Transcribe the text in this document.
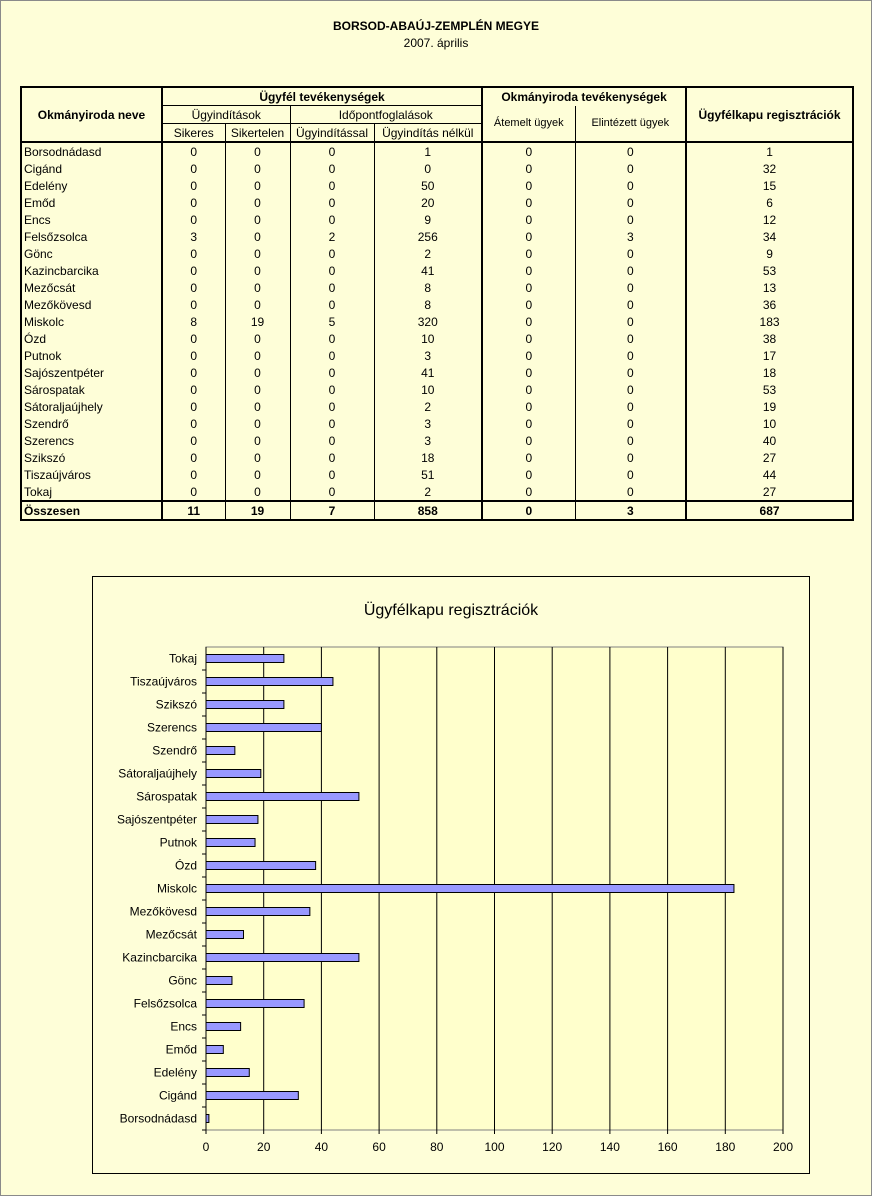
BORSOD-ABAÚJ-ZEMPLÉN MEGYE
2007. április
Okmányiroda neve	Ügyfél tevékenységek				Okmányiroda tevékenységek		Ügyfélkapu regisztrációk
	Ügyindítások		Időpontfoglalások		Átemelt ügyek	Elintézett ügyek	
	Sikeres	Sikertelen	Ügyindítással	Ügyindítás nélkül			
Borsodnádasd	0	0	0	1	0	0	1
Cigánd	0	0	0	0	0	0	32
Edelény	0	0	0	50	0	0	15
Emőd	0	0	0	20	0	0	6
Encs	0	0	0	9	0	0	12
Felsőzsolca	3	0	2	256	0	3	34
Gönc	0	0	0	2	0	0	9
Kazincbarcika	0	0	0	41	0	0	53
Mezőcsát	0	0	0	8	0	0	13
Mezőkövesd	0	0	0	8	0	0	36
Miskolc	8	19	5	320	0	0	183
Ózd	0	0	0	10	0	0	38
Putnok	0	0	0	3	0	0	17
Sajószentpéter	0	0	0	41	0	0	18
Sárospatak	0	0	0	10	0	0	53
Sátoraljaújhely	0	0	0	2	0	0	19
Szendrő	0	0	0	3	0	0	10
Szerencs	0	0	0	3	0	0	40
Szikszó	0	0	0	18	0	0	27
Tiszaújváros	0	0	0	51	0	0	44
Tokaj	0	0	0	2	0	0	27
Összesen	11	19	7	858	0	3	687
Ügyfélkapu regisztrációk
0	20	40	60	80	100	120	140	160	180	200
Borsodnádasd
Cigánd
Edelény
Emőd
Encs
Felsőzsolca
Gönc
Kazincbarcika
Mezőcsát
Mezőkövesd
Miskolc
Ózd
Putnok
Sajószentpéter
Sárospatak
Sátoraljaújhely
Szendrő
Szerencs
Szikszó
Tiszaújváros
Tokaj
